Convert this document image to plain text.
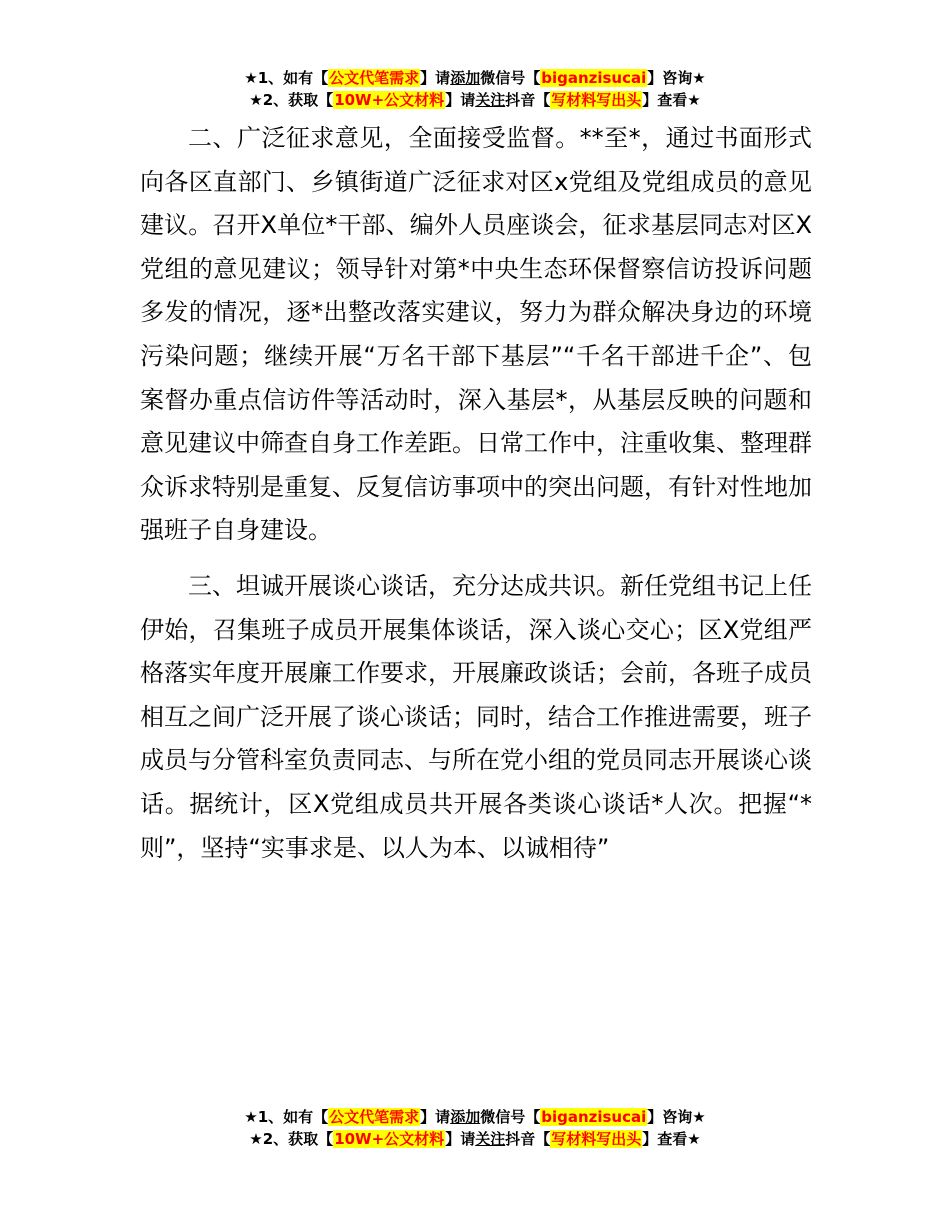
★1、如有【公文代笔需求】请添加微信号【biganzisucai】咨询★
★2、获取【10W+公文材料】请关注抖音【写材料写出头】查看★

二、广泛征求意见，全面接受监督。**至*，通过书面形式向各区直部门、乡镇街道广泛征求对区x党组及党组成员的意见建议。召开X单位*干部、编外人员座谈会，征求基层同志对区X党组的意见建议；领导针对第*中央生态环保督察信访投诉问题多发的情况，逐*出整改落实建议，努力为群众解决身边的环境污染问题；继续开展“万名干部下基层”“千名干部进千企”、包案督办重点信访件等活动时，深入基层*，从基层反映的问题和意见建议中筛查自身工作差距。日常工作中，注重收集、整理群众诉求特别是重复、反复信访事项中的突出问题，有针对性地加强班子自身建设。

三、坦诚开展谈心谈话，充分达成共识。新任党组书记上任伊始，召集班子成员开展集体谈话，深入谈心交心；区X党组严格落实年度开展廉工作要求，开展廉政谈话；会前，各班子成员相互之间广泛开展了谈心谈话；同时，结合工作推进需要，班子成员与分管科室负责同志、与所在党小组的党员同志开展谈心谈话。据统计，区X党组成员共开展各类谈心谈话*人次。把握“*则”，坚持“实事求是、以人为本、以诚相待”

★1、如有【公文代笔需求】请添加微信号【biganzisucai】咨询★
★2、获取【10W+公文材料】请关注抖音【写材料写出头】查看★
